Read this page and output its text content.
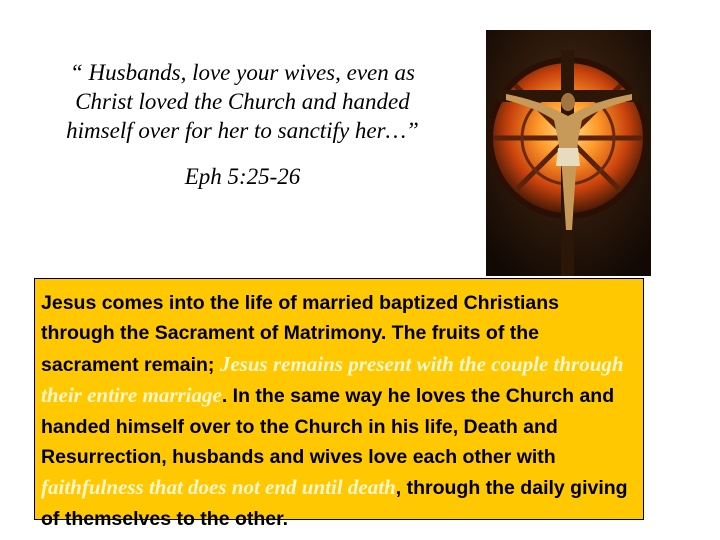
“ Husbands, love your wives, even as
Christ loved the Church and handed
himself over for her to sanctify her…”
Eph 5:25-26
Jesus comes into the life of married baptized Christians through the Sacrament of Matrimony. The fruits of the sacrament remain; Jesus remains present with the couple through their entire marriage. In the same way he loves the Church and handed himself over to the Church in his life, Death and Resurrection, husbands and wives love each other with faithfulness that does not end until death, through the daily giving of themselves to the other.
